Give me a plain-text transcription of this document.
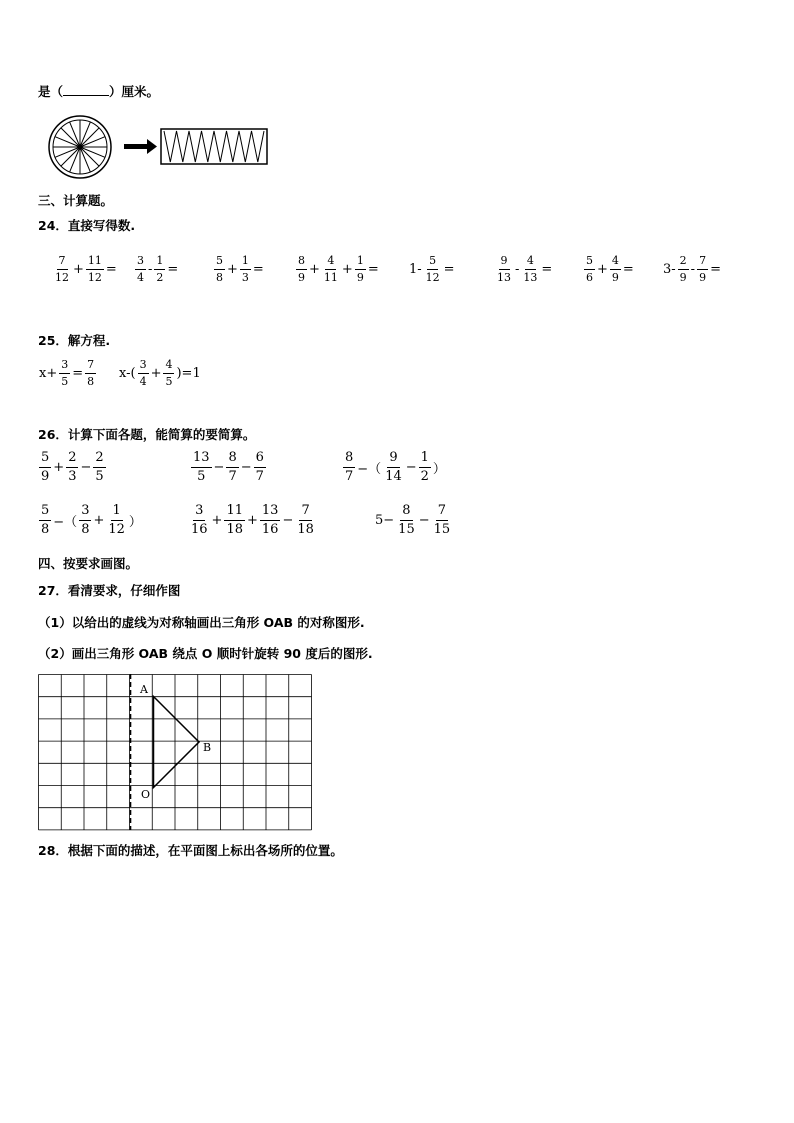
是（	）厘米。
三、计算题。
24．直接写得数.
$\frac{7}{12} + \frac{11}{12} = \frac{3}{4} - \frac{1}{2}$ =	$\frac{5}{8} + \frac{1}{3}$ =	$\frac{8}{9} + \frac{4}{11} + \frac{1}{9} = 1- \frac{5}{12}$ =	$\frac{9}{13} - \frac{4}{13}$ =	$\frac{5}{6} + \frac{4}{9} = 3- \frac{2}{9} - \frac{7}{9}$ =
25．解方程.
$x+ \frac{3}{5} = \frac{7}{8} x-( \frac{3}{4} + \frac{4}{5} )=1$
26．计算下面各题，能简算的要简算。
$\frac{5}{9} + \frac{2}{3} - \frac{2}{5}$	$\frac{13}{5} - \frac{8}{7} - \frac{6}{7}$	$\frac{8}{7}$ −（ $\frac{9}{14} - \frac{1}{2}$ ）
$\frac{5}{8}$ −（ $\frac{3}{8} + \frac{1}{12}$ ）	$\frac{3}{16} + \frac{11}{18} + \frac{13}{16} - \frac{7}{18}$	$5- \frac{8}{15} - \frac{7}{15}$
四、按要求画图。
27．看清要求，仔细作图
（1）以给出的虚线为对称轴画出三角形 OAB 的对称图形.
（2）画出三角形 OAB 绕点 O 顺时针旋转 90 度后的图形.
A
B
O
28．根据下面的描述，在平面图上标出各场所的位置。
